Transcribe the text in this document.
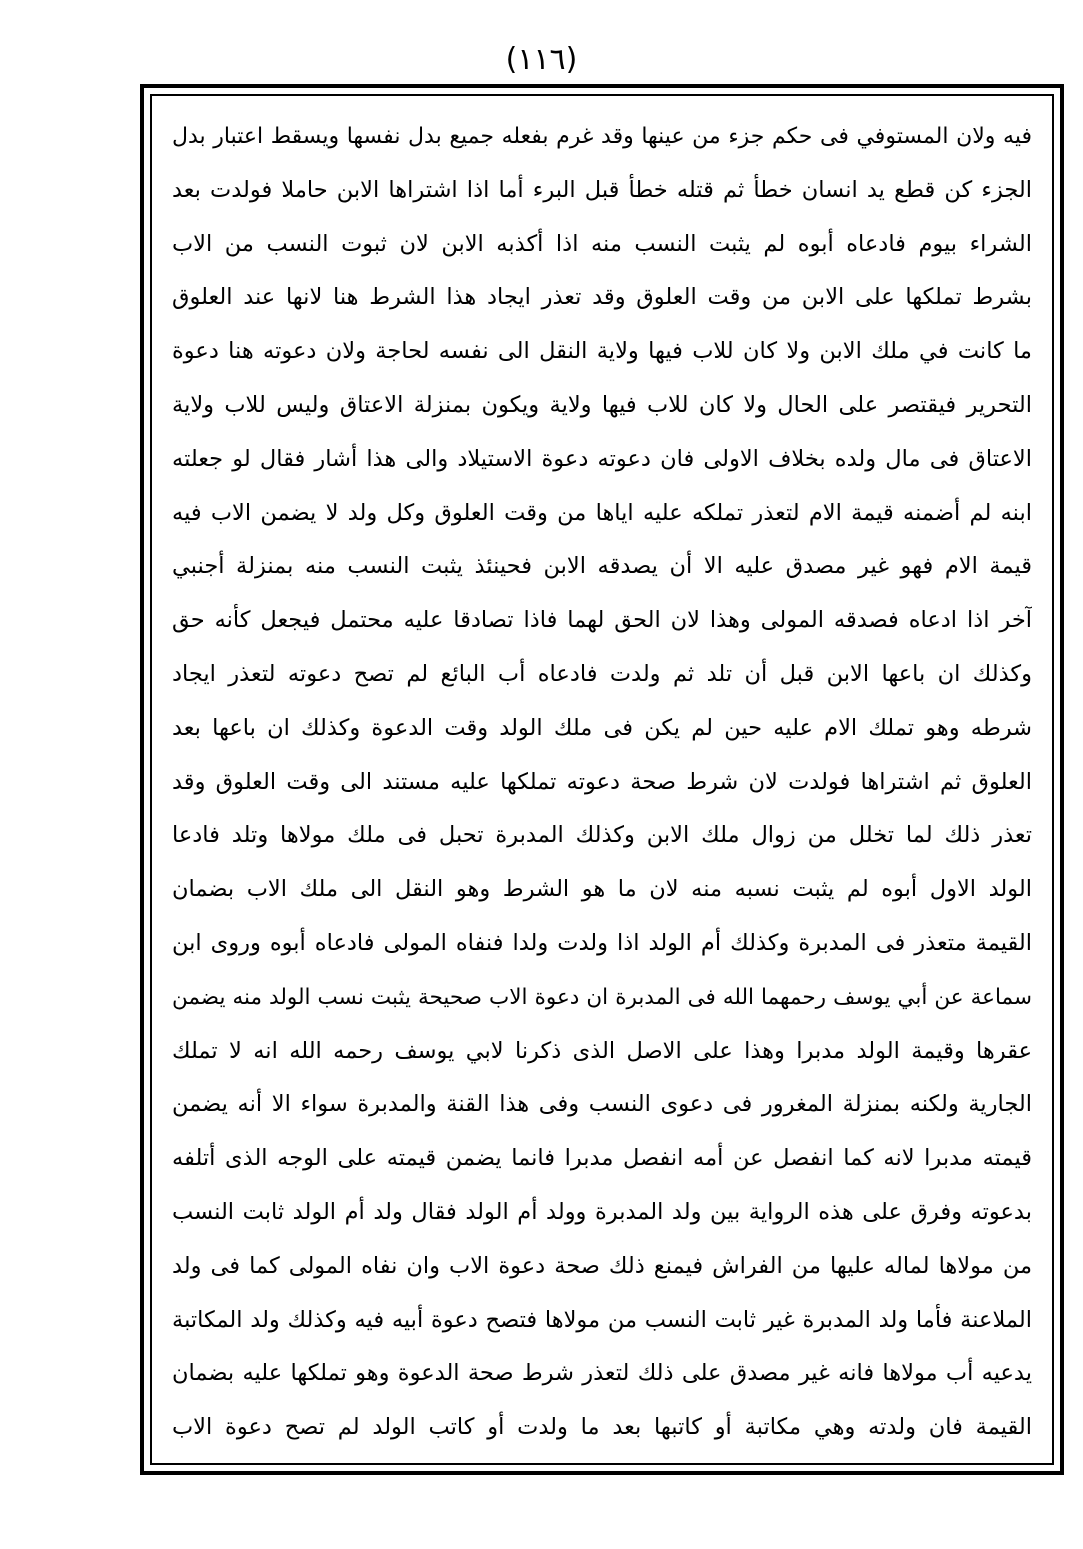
(١١٦)
فيه ولان المستوفي فى حكم جزء من عينها وقد غرم بفعله جميع بدل نفسها ويسقط اعتبار بدل
الجزء كن قطع يد انسان خطأ ثم قتله خطأ قبل البرء أما اذا اشتراها الابن حاملا فولدت بعد
الشراء بيوم فادعاه أبوه لم يثبت النسب منه اذا أكذبه الابن لان ثبوت النسب من الاب
بشرط تملكها على الابن من وقت العلوق وقد تعذر ايجاد هذا الشرط هنا لانها عند العلوق
ما كانت في ملك الابن ولا كان للاب فيها ولاية النقل الى نفسه لحاجة ولان دعوته هنا دعوة
التحرير فيقتصر على الحال ولا كان للاب فيها ولاية ويكون بمنزلة الاعتاق وليس للاب ولاية
الاعتاق فى مال ولده بخلاف الاولى فان دعوته دعوة الاستيلاد والى هذا أشار فقال لو جعلته
ابنه لم أضمنه قيمة الام لتعذر تملكه عليه اياها من وقت العلوق وكل ولد لا يضمن الاب فيه
قيمة الام فهو غير مصدق عليه الا أن يصدقه الابن فحينئذ يثبت النسب منه بمنزلة أجنبي
آخر اذا ادعاه فصدقه المولى وهذا لان الحق لهما فاذا تصادقا عليه محتمل فيجعل كأنه حق
وكذلك ان باعها الابن قبل أن تلد ثم ولدت فادعاه أب البائع لم تصح دعوته لتعذر ايجاد
شرطه وهو تملك الام عليه حين لم يكن فى ملك الولد وقت الدعوة وكذلك ان باعها بعد
العلوق ثم اشتراها فولدت لان شرط صحة دعوته تملكها عليه مستند الى وقت العلوق وقد
تعذر ذلك لما تخلل من زوال ملك الابن وكذلك المدبرة تحبل فى ملك مولاها وتلد فادعا
الولد الاول أبوه لم يثبت نسبه منه لان ما هو الشرط وهو النقل الى ملك الاب بضمان
القيمة متعذر فى المدبرة وكذلك أم الولد اذا ولدت ولدا فنفاه المولى فادعاه أبوه وروى ابن
سماعة عن أبي يوسف رحمهما الله فى المدبرة ان دعوة الاب صحيحة يثبت نسب الولد منه يضمن
عقرها وقيمة الولد مدبرا وهذا على الاصل الذى ذكرنا لابي يوسف رحمه الله انه لا تملك
الجارية ولكنه بمنزلة المغرور فى دعوى النسب وفى هذا القنة والمدبرة سواء الا أنه يضمن
قيمته مدبرا لانه كما انفصل عن أمه انفصل مدبرا فانما يضمن قيمته على الوجه الذى أتلفه
بدعوته وفرق على هذه الرواية بين ولد المدبرة وولد أم الولد فقال ولد أم الولد ثابت النسب
من مولاها لماله عليها من الفراش فيمنع ذلك صحة دعوة الاب وان نفاه المولى كما فى ولد
الملاعنة فأما ولد المدبرة غير ثابت النسب من مولاها فتصح دعوة أبيه فيه وكذلك ولد المكاتبة
يدعيه أب مولاها فانه غير مصدق على ذلك لتعذر شرط صحة الدعوة وهو تملكها عليه بضمان
القيمة فان ولدته وهي مكاتبة أو كاتبها بعد ما ولدت أو كاتب الولد لم تصح دعوة الاب
